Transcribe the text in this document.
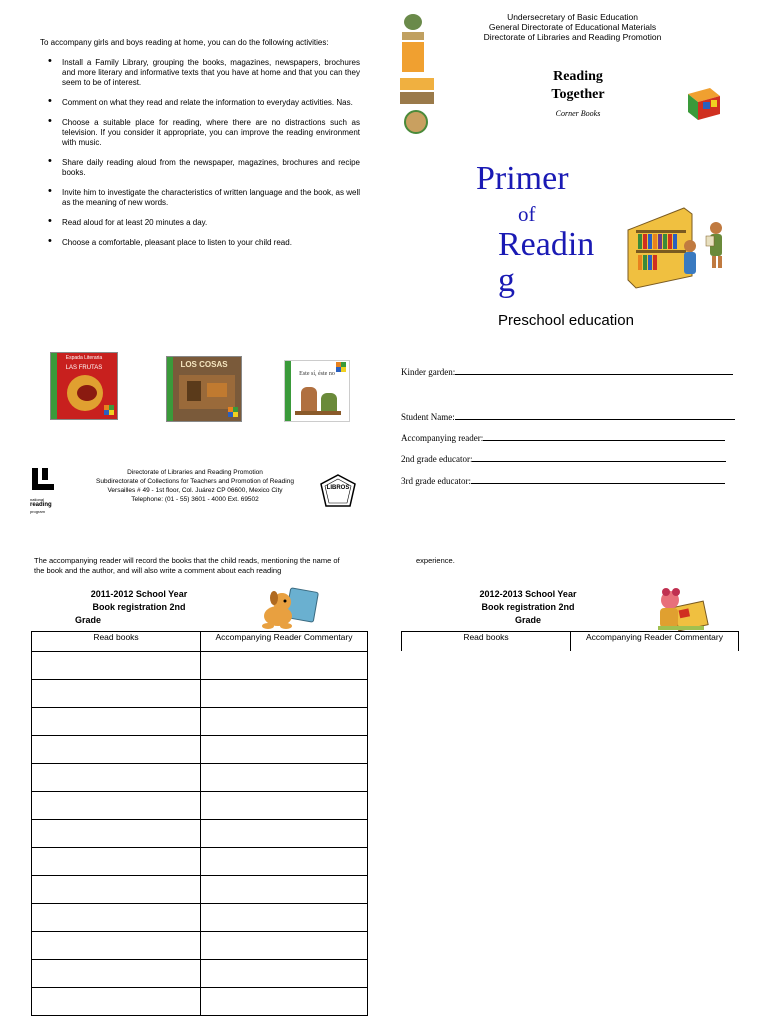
To accompany girls and boys reading at home, you can do the following activities:
• Install a Family Library, grouping the books, magazines, newspapers, brochures and more literary and informative texts that you have at home and that you can they seem to be of interest.
• Comment on what they read and relate the information to everyday activities. Nas.
• Choose a suitable place for reading, where there are no distractions such as television. If you consider it appropriate, you can improve the reading environment with music.
• Share daily reading aloud from the newspaper, magazines, brochures and recipe books.
• Invite him to investigate the characteristics of written language and the book, as well as the meaning of new words.
• Read aloud for at least 20 minutes a day.
• Choose a comfortable, pleasant place to listen to your child read.
Espada Literaria
LAS FRUTAS	LOS COSAS
Este sí, éste no
national
reading
program
Directorate of Libraries and Reading Promotion
Subdirectorate of Collections for Teachers and Promotion of Reading
Versailles # 49 - 1st floor, Col. Juárez CP 06600, Mexico City
Telephone: (01 - 55) 3601 - 4000 Ext. 69502
LIBROS
Undersecretary of Basic Education
General Directorate of Educational Materials
Directorate of Libraries and Reading Promotion
Reading
Together
Corner Books
Primer
of
Readin
g
Preschool education
Kinder garden:
Student Name:
Accompanying reader:
2nd grade educator:
3rd grade educator:
The accompanying reader will record the books that the child reads, mentioning the name of the book and the author, and will also write a comment about each reading
experience.
2011-2012 School Year
Book registration 2nd
Grade
Read books	Accompanying Reader Commentary

2012-2013 School Year
Book registration 2nd
Grade
Read books	Accompanying Reader Commentary
